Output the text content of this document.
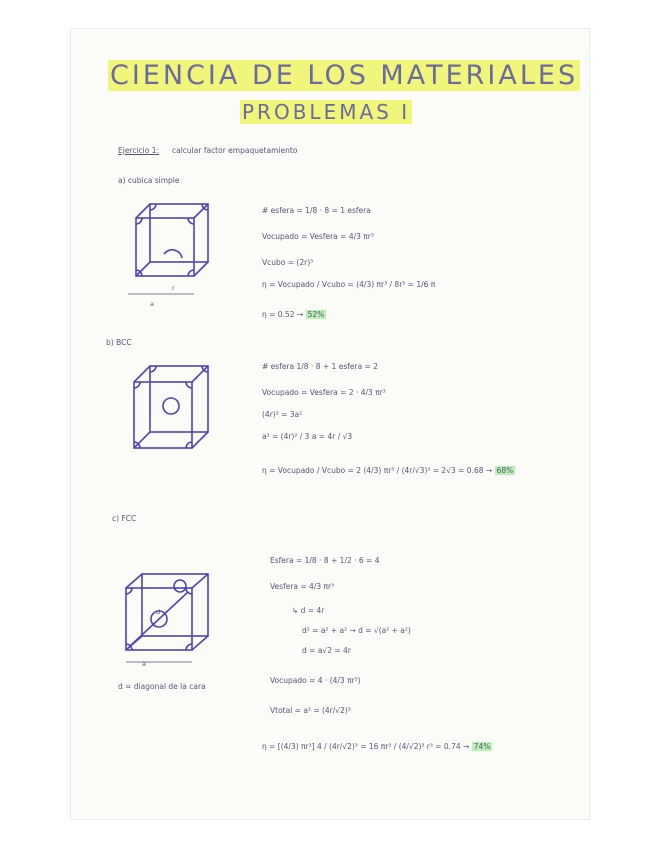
CIENCIA DE LOS MATERIALES
PROBLEMAS I
Ejercicio 1: calcular factor empaquetamiento
a) cubica simple
r
a
# esfera = 1/8 · 8 = 1 esfera
Vocupado = Vesfera = 4/3 πr³
Vcubo = (2r)³
η = Vocupado / Vcubo = (4/3) πr³ / 8r³ = 1/6 π
η = 0.52 → 52%
b) BCC
# esfera 1/8 · 8 + 1 esfera = 2
Vocupado = Vesfera = 2 · 4/3 πr³
(4r)² = 3a²
a² = (4r)² / 3 a = 4r / √3
η = Vocupado / Vcubo = 2 (4/3) πr³ / (4r/√3)³ = 2√3 = 0.68 → 68%
c) FCC
d
a
d = diagonal de la cara
Esfera = 1/8 · 8 + 1/2 · 6 = 4
Vesfera = 4/3 πr³
↳ d = 4r
d² = a² + a² → d = √(a² + a²)
d = a√2 = 4r
Vocupado = 4 · (4/3 πr³)
Vtotal = a³ = (4r/√2)³
η = [(4/3) πr³] 4 / (4r/√2)³ = 16 πr³ / (4/√2)³ r³ = 0.74 → 74%
